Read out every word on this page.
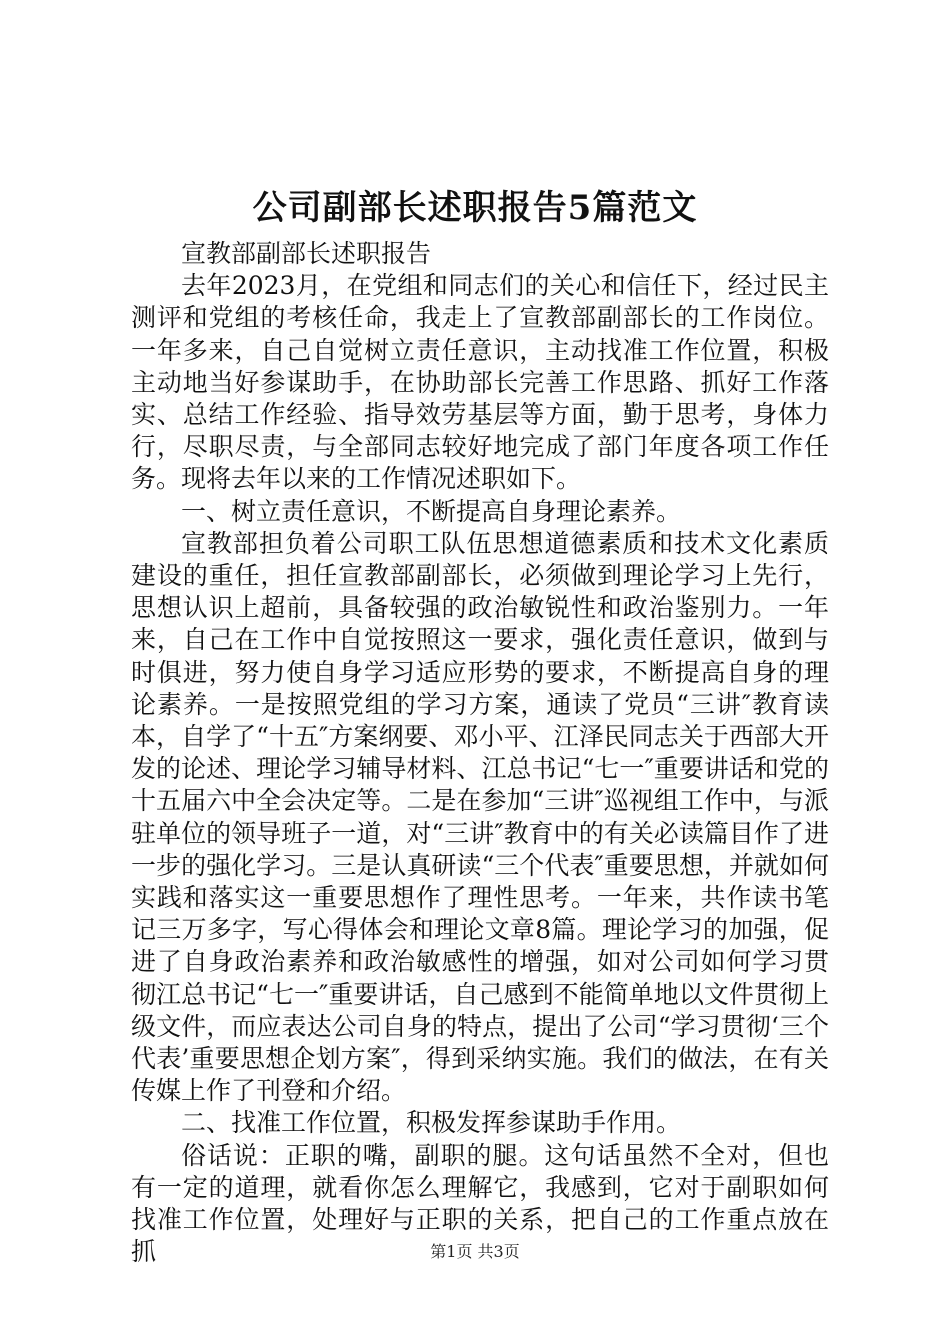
公司副部长述职报告5篇范文

宣教部副部长述职报告

去年2023月，在党组和同志们的关心和信任下，经过民主测评和党组的考核任命，我走上了宣教部副部长的工作岗位。一年多来，自己自觉树立责任意识，主动找准工作位置，积极主动地当好参谋助手，在协助部长完善工作思路、抓好工作落实、总结工作经验、指导效劳基层等方面，勤于思考，身体力行，尽职尽责，与全部同志较好地完成了部门年度各项工作任务。现将去年以来的工作情况述职如下。

一、树立责任意识，不断提高自身理论素养。

宣教部担负着公司职工队伍思想道德素质和技术文化素质建设的重任，担任宣教部副部长，必须做到理论学习上先行，思想认识上超前，具备较强的政治敏锐性和政治鉴别力。一年来，自己在工作中自觉按照这一要求，强化责任意识，做到与时俱进，努力使自身学习适应形势的要求，不断提高自身的理论素养。一是按照党组的学习方案，通读了党员“三讲″教育读本，自学了“十五″方案纲要、邓小平、江泽民同志关于西部大开发的论述、理论学习辅导材料、江总书记“七一″重要讲话和党的十五届六中全会决定等。二是在参加“三讲″巡视组工作中，与派驻单位的领导班子一道，对“三讲″教育中的有关必读篇目作了进一步的强化学习。三是认真研读“三个代表″重要思想，并就如何实践和落实这一重要思想作了理性思考。一年来，共作读书笔记三万多字，写心得体会和理论文章8篇。理论学习的加强，促进了自身政治素养和政治敏感性的增强，如对公司如何学习贯彻江总书记“七一″重要讲话，自己感到不能简单地以文件贯彻上级文件，而应表达公司自身的特点，提出了公司“学习贯彻‘三个代表’重要思想企划方案″，得到采纳实施。我们的做法，在有关传媒上作了刊登和介绍。

二、找准工作位置，积极发挥参谋助手作用。

俗话说：正职的嘴，副职的腿。这句话虽然不全对，但也有一定的道理，就看你怎么理解它，我感到，它对于副职如何找准工作位置，处理好与正职的关系，把自己的工作重点放在抓	第1页 共3页
